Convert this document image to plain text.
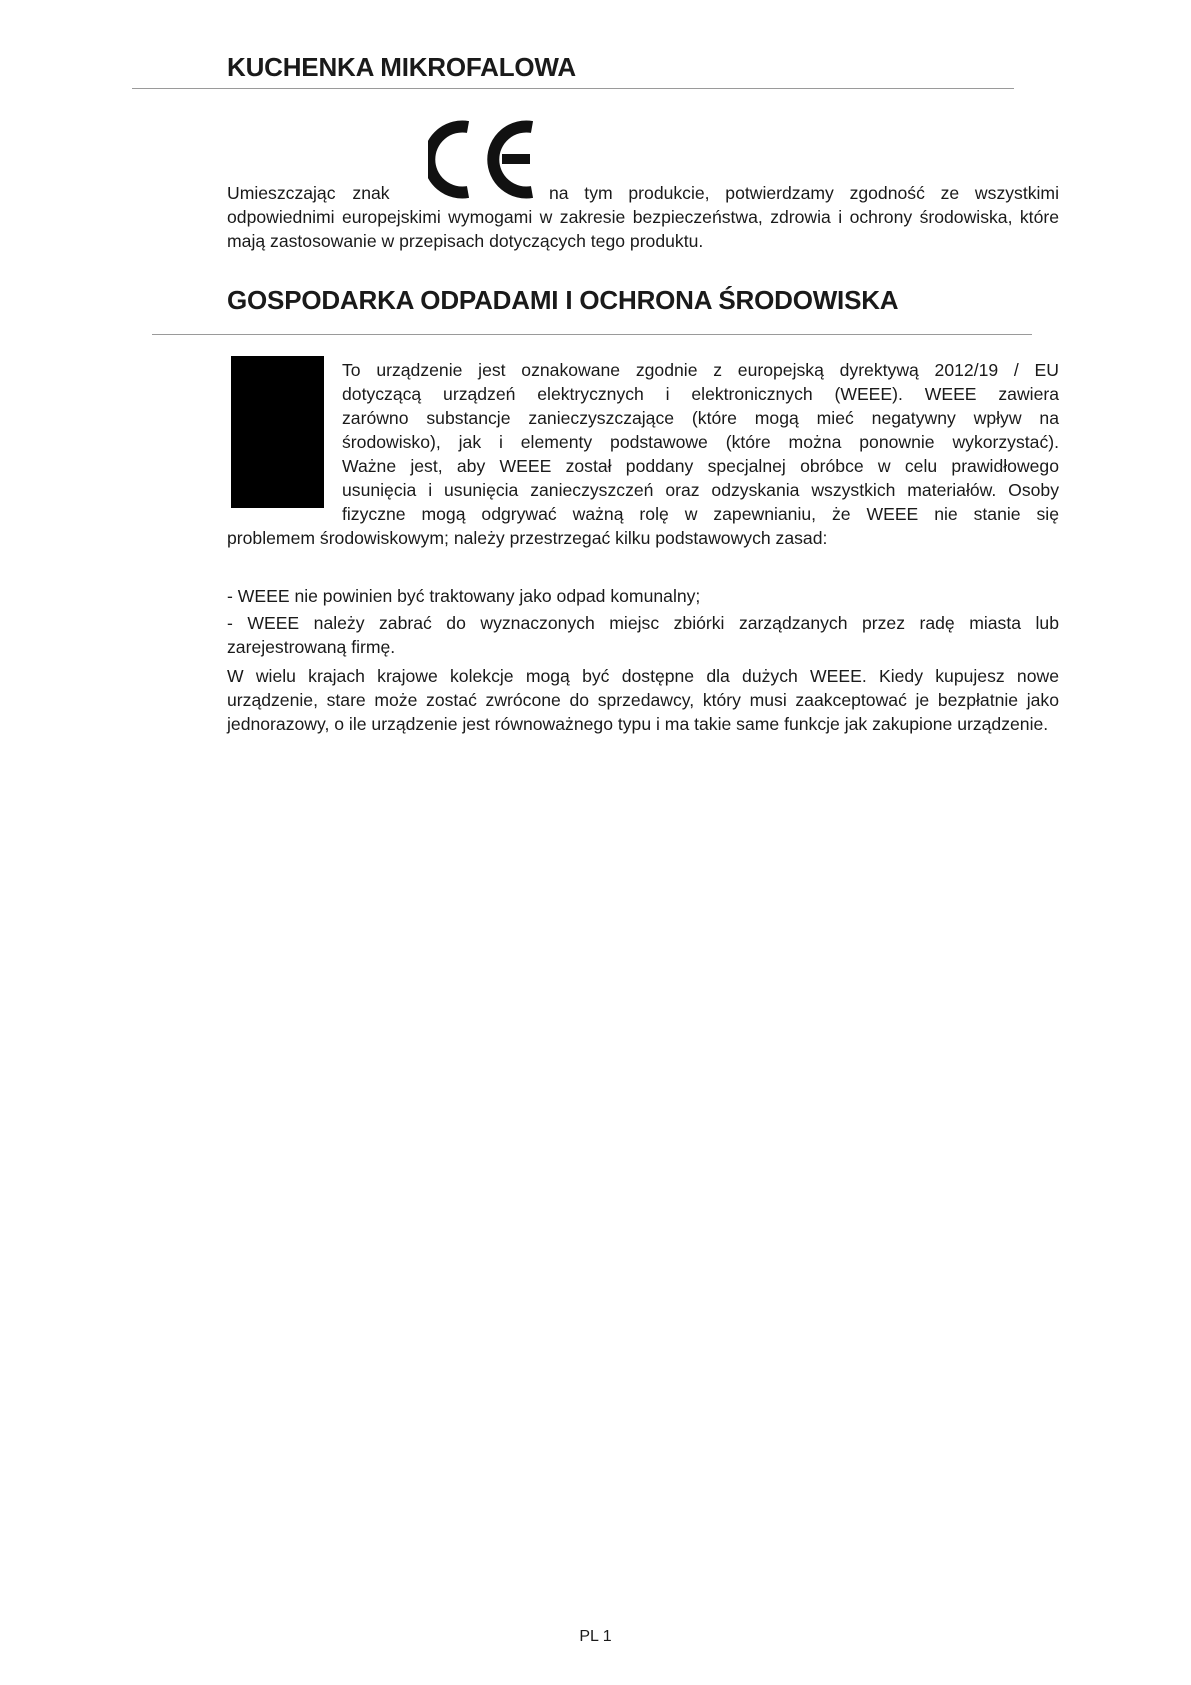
KUCHENKA MIKROFALOWA
Umieszczając znak	na tym produkcie, potwierdzamy zgodność ze wszystkimi

odpowiednimi europejskimi wymogami w zakresie bezpieczeństwa, zdrowia i ochrony środowiska, które mają zastosowanie w przepisach dotyczących tego produktu.

GOSPODARKA ODPADAMI I OCHRONA ŚRODOWISKA
To urządzenie jest oznakowane zgodnie z europejską dyrektywą 2012/19 / EU
dotyczącą urządzeń elektrycznych i elektronicznych (WEEE). WEEE zawiera
zarówno substancje zanieczyszczające (które mogą mieć negatywny wpływ na
środowisko), jak i elementy podstawowe (które można ponownie wykorzystać).
Ważne jest, aby WEEE został poddany specjalnej obróbce w celu prawidłowego
usunięcia i usunięcia zanieczyszczeń oraz odzyskania wszystkich materiałów. Osoby
fizyczne mogą odgrywać ważną rolę w zapewnianiu, że WEEE nie stanie się

problemem środowiskowym; należy przestrzegać kilku podstawowych zasad:

- WEEE nie powinien być traktowany jako odpad komunalny;

- WEEE należy zabrać do wyznaczonych miejsc zbiórki zarządzanych przez radę miasta lub zarejestrowaną firmę.

W wielu krajach krajowe kolekcje mogą być dostępne dla dużych WEEE. Kiedy kupujesz nowe urządzenie, stare może zostać zwrócone do sprzedawcy, który musi zaakceptować je bezpłatnie jako jednorazowy, o ile urządzenie jest równoważnego typu i ma takie same funkcje jak zakupione urządzenie.

PL 1
